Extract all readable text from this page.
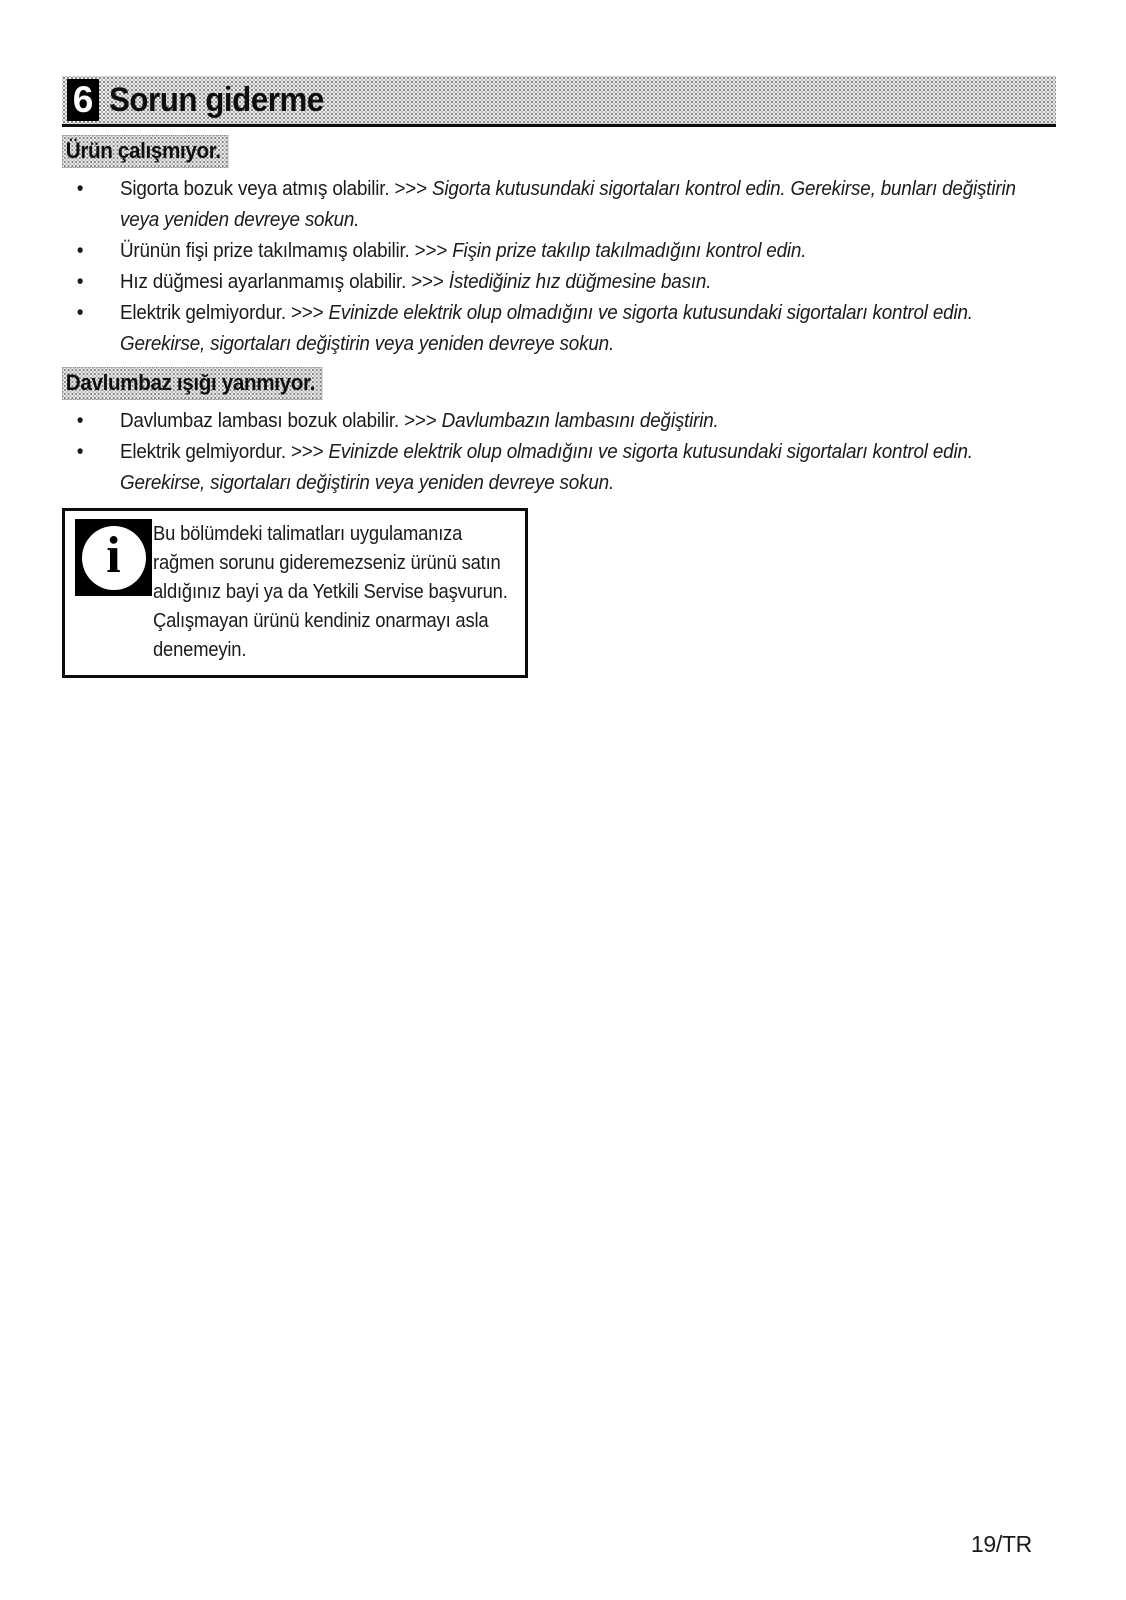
6 Sorun giderme
Ürün çalışmıyor.
• Sigorta bozuk veya atmış olabilir. >>> Sigorta kutusundaki sigortaları kontrol edin. Gerekirse, bunları değiştirin veya yeniden devreye sokun.
• Ürünün fişi prize takılmamış olabilir. >>> Fişin prize takılıp takılmadığını kontrol edin.
• Hız düğmesi ayarlanmamış olabilir. >>> İstediğiniz hız düğmesine basın.
• Elektrik gelmiyordur. >>> Evinizde elektrik olup olmadığını ve sigorta kutusundaki sigortaları kontrol edin. Gerekirse, sigortaları değiştirin veya yeniden devreye sokun.
Davlumbaz ışığı yanmıyor.
• Davlumbaz lambası bozuk olabilir. >>> Davlumbazın lambasını değiştirin.
• Elektrik gelmiyordur. >>> Evinizde elektrik olup olmadığını ve sigorta kutusundaki sigortaları kontrol edin. Gerekirse, sigortaları değiştirin veya yeniden devreye sokun.
i Bu bölümdeki talimatları uygulamanıza rağmen sorunu gideremezseniz ürünü satın aldığınız bayi ya da Yetkili Servise başvurun.
Çalışmayan ürünü kendiniz onarmayı asla denemeyin.
19/TR
